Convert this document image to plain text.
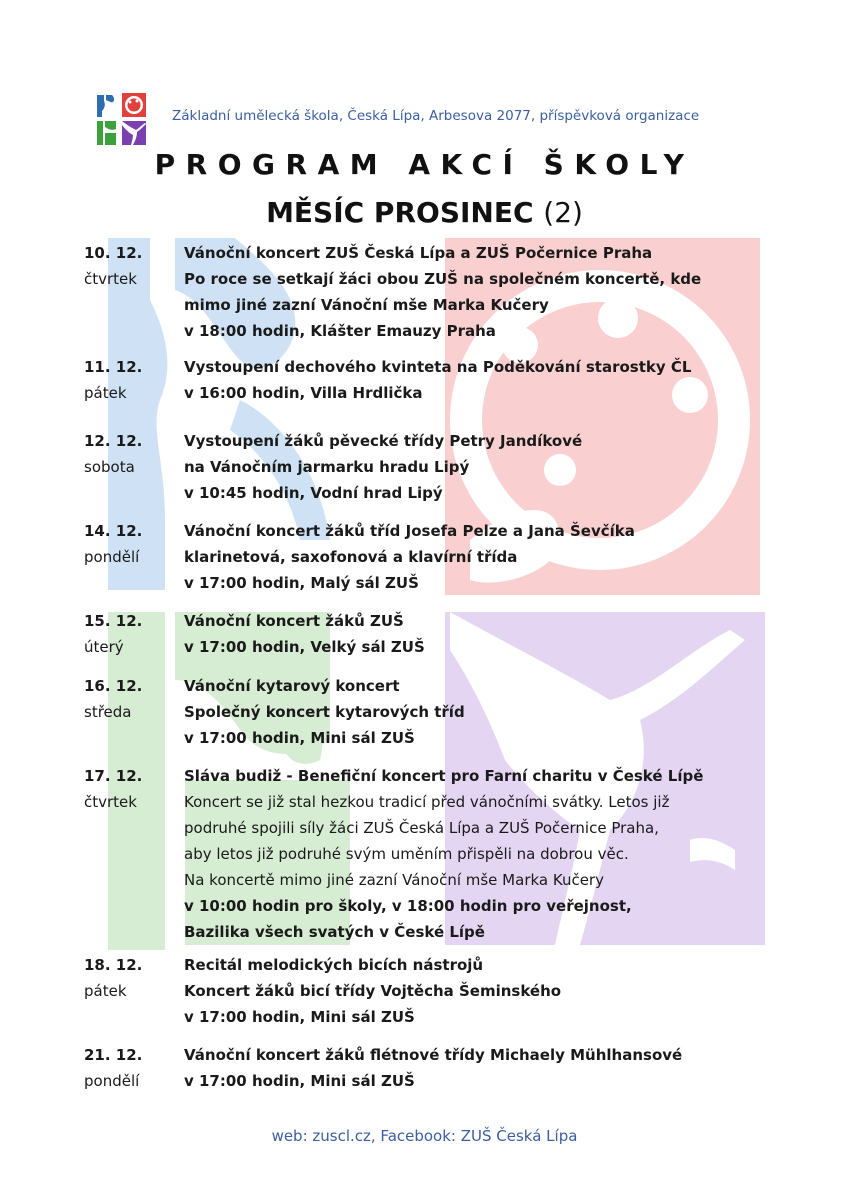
Základní umělecká škola, Česká Lípa, Arbesova 2077, příspěvková organizace
PROGRAM AKCÍ ŠKOLY
MĚSÍC PROSINEC (2)
10. 12.
čtvrtek
Vánoční koncert ZUŠ Česká Lípa a ZUŠ Počernice Praha
Po roce se setkají žáci obou ZUŠ na společném koncertě, kde
mimo jiné zazní Vánoční mše Marka Kučery
v 18:00 hodin, Klášter Emauzy Praha
11. 12.
pátek
Vystoupení dechového kvinteta na Poděkování starostky ČL
v 16:00 hodin, Villa Hrdlička
12. 12.
sobota
Vystoupení žáků pěvecké třídy Petry Jandíkové
na Vánočním jarmarku hradu Lipý
v 10:45 hodin, Vodní hrad Lipý
14. 12.
pondělí
Vánoční koncert žáků tříd Josefa Pelze a Jana Ševčíka
klarinetová, saxofonová a klavírní třída
v 17:00 hodin, Malý sál ZUŠ
15. 12.
úterý
Vánoční koncert žáků ZUŠ
v 17:00 hodin, Velký sál ZUŠ
16. 12.
středa
Vánoční kytarový koncert
Společný koncert kytarových tříd
v 17:00 hodin, Mini sál ZUŠ
17. 12.
čtvrtek
Sláva budiž - Benefiční koncert pro Farní charitu v České Lípě
Koncert se již stal hezkou tradicí před vánočními svátky. Letos již
podruhé spojili síly žáci ZUŠ Česká Lípa a ZUŠ Počernice Praha,
aby letos již podruhé svým uměním přispěli na dobrou věc.
Na koncertě mimo jiné zazní Vánoční mše Marka Kučery
v 10:00 hodin pro školy, v 18:00 hodin pro veřejnost,
Bazilika všech svatých v České Lípě
18. 12.
pátek
Recitál melodických bicích nástrojů
Koncert žáků bicí třídy Vojtěcha Šeminského
v 17:00 hodin, Mini sál ZUŠ
21. 12.
pondělí
Vánoční koncert žáků flétnové třídy Michaely Mühlhansové
v 17:00 hodin, Mini sál ZUŠ
web: zuscl.cz, Facebook: ZUŠ Česká Lípa
